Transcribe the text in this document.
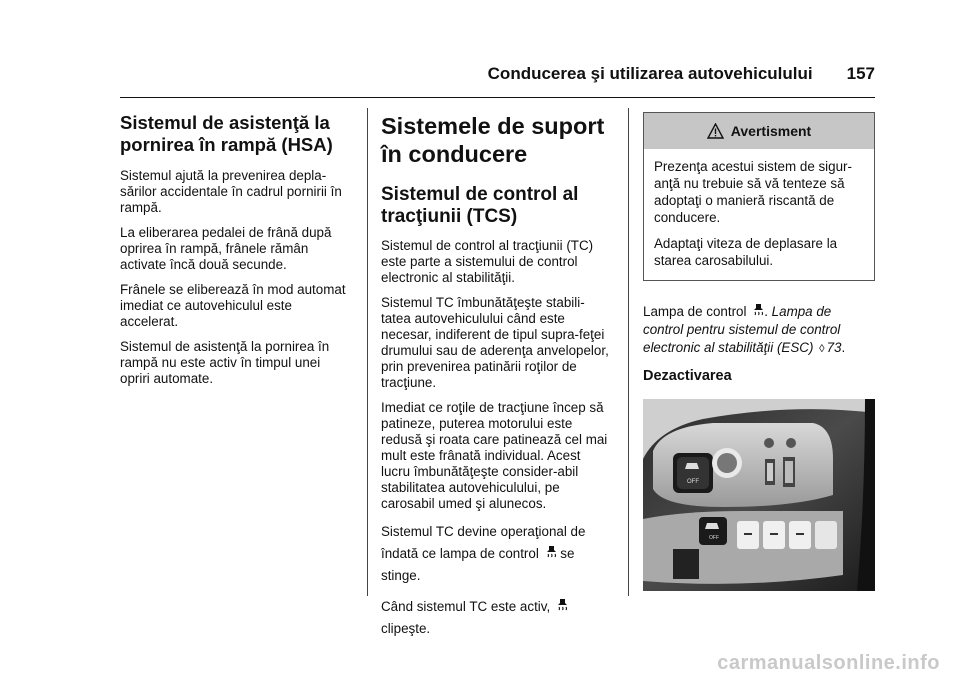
Conducerea şi utilizarea autovehiculului 157
Sistemul de asistenţă la pornirea în rampă (HSA)

Sistemul ajută la prevenirea depla-sărilor accidentale în cadrul pornirii în rampă.

La eliberarea pedalei de frână după oprirea în rampă, frânele rămân activate încă două secunde.

Frânele se eliberează în mod automat imediat ce autovehiculul este accelerat.

Sistemul de asistenţă la pornirea în rampă nu este activ în timpul unei opriri automate.

Sistemele de suport în conducere
Sistemul de control al tracţiunii (TCS)

Sistemul de control al tracţiunii (TC) este parte a sistemului de control electronic al stabilităţii.

Sistemul TC îmbunătăţeşte stabili-tatea autovehiculului când este necesar, indiferent de tipul supra-feţei drumului sau de aderenţa anvelopelor, prin prevenirea patinării roţilor de tracţiune.

Imediat ce roţile de tracţiune încep să patineze, puterea motorului este redusă şi roata care patinează cel mai mult este frânată individual. Acest lucru îmbunătăţeşte consider-abil stabilitatea autovehiculului, pe carosabil umed şi alunecos.

Sistemul TC devine operaţional de îndată ce lampa de control se stinge.

Când sistemul TC este activ,
clipeşte.

Avertisment

Prezenţa acestui sistem de sigur-anţă nu trebuie să vă tenteze să adoptaţi o manieră riscantă de conducere.

Adaptaţi viteza de deplasare la starea carosabilului.

Lampa de control . Lampa de control pentru sistemul de control electronic al stabilităţii (ESC) ◊ 73.

Dezactivarea
OFF
OFF
carmanualsonline.info
